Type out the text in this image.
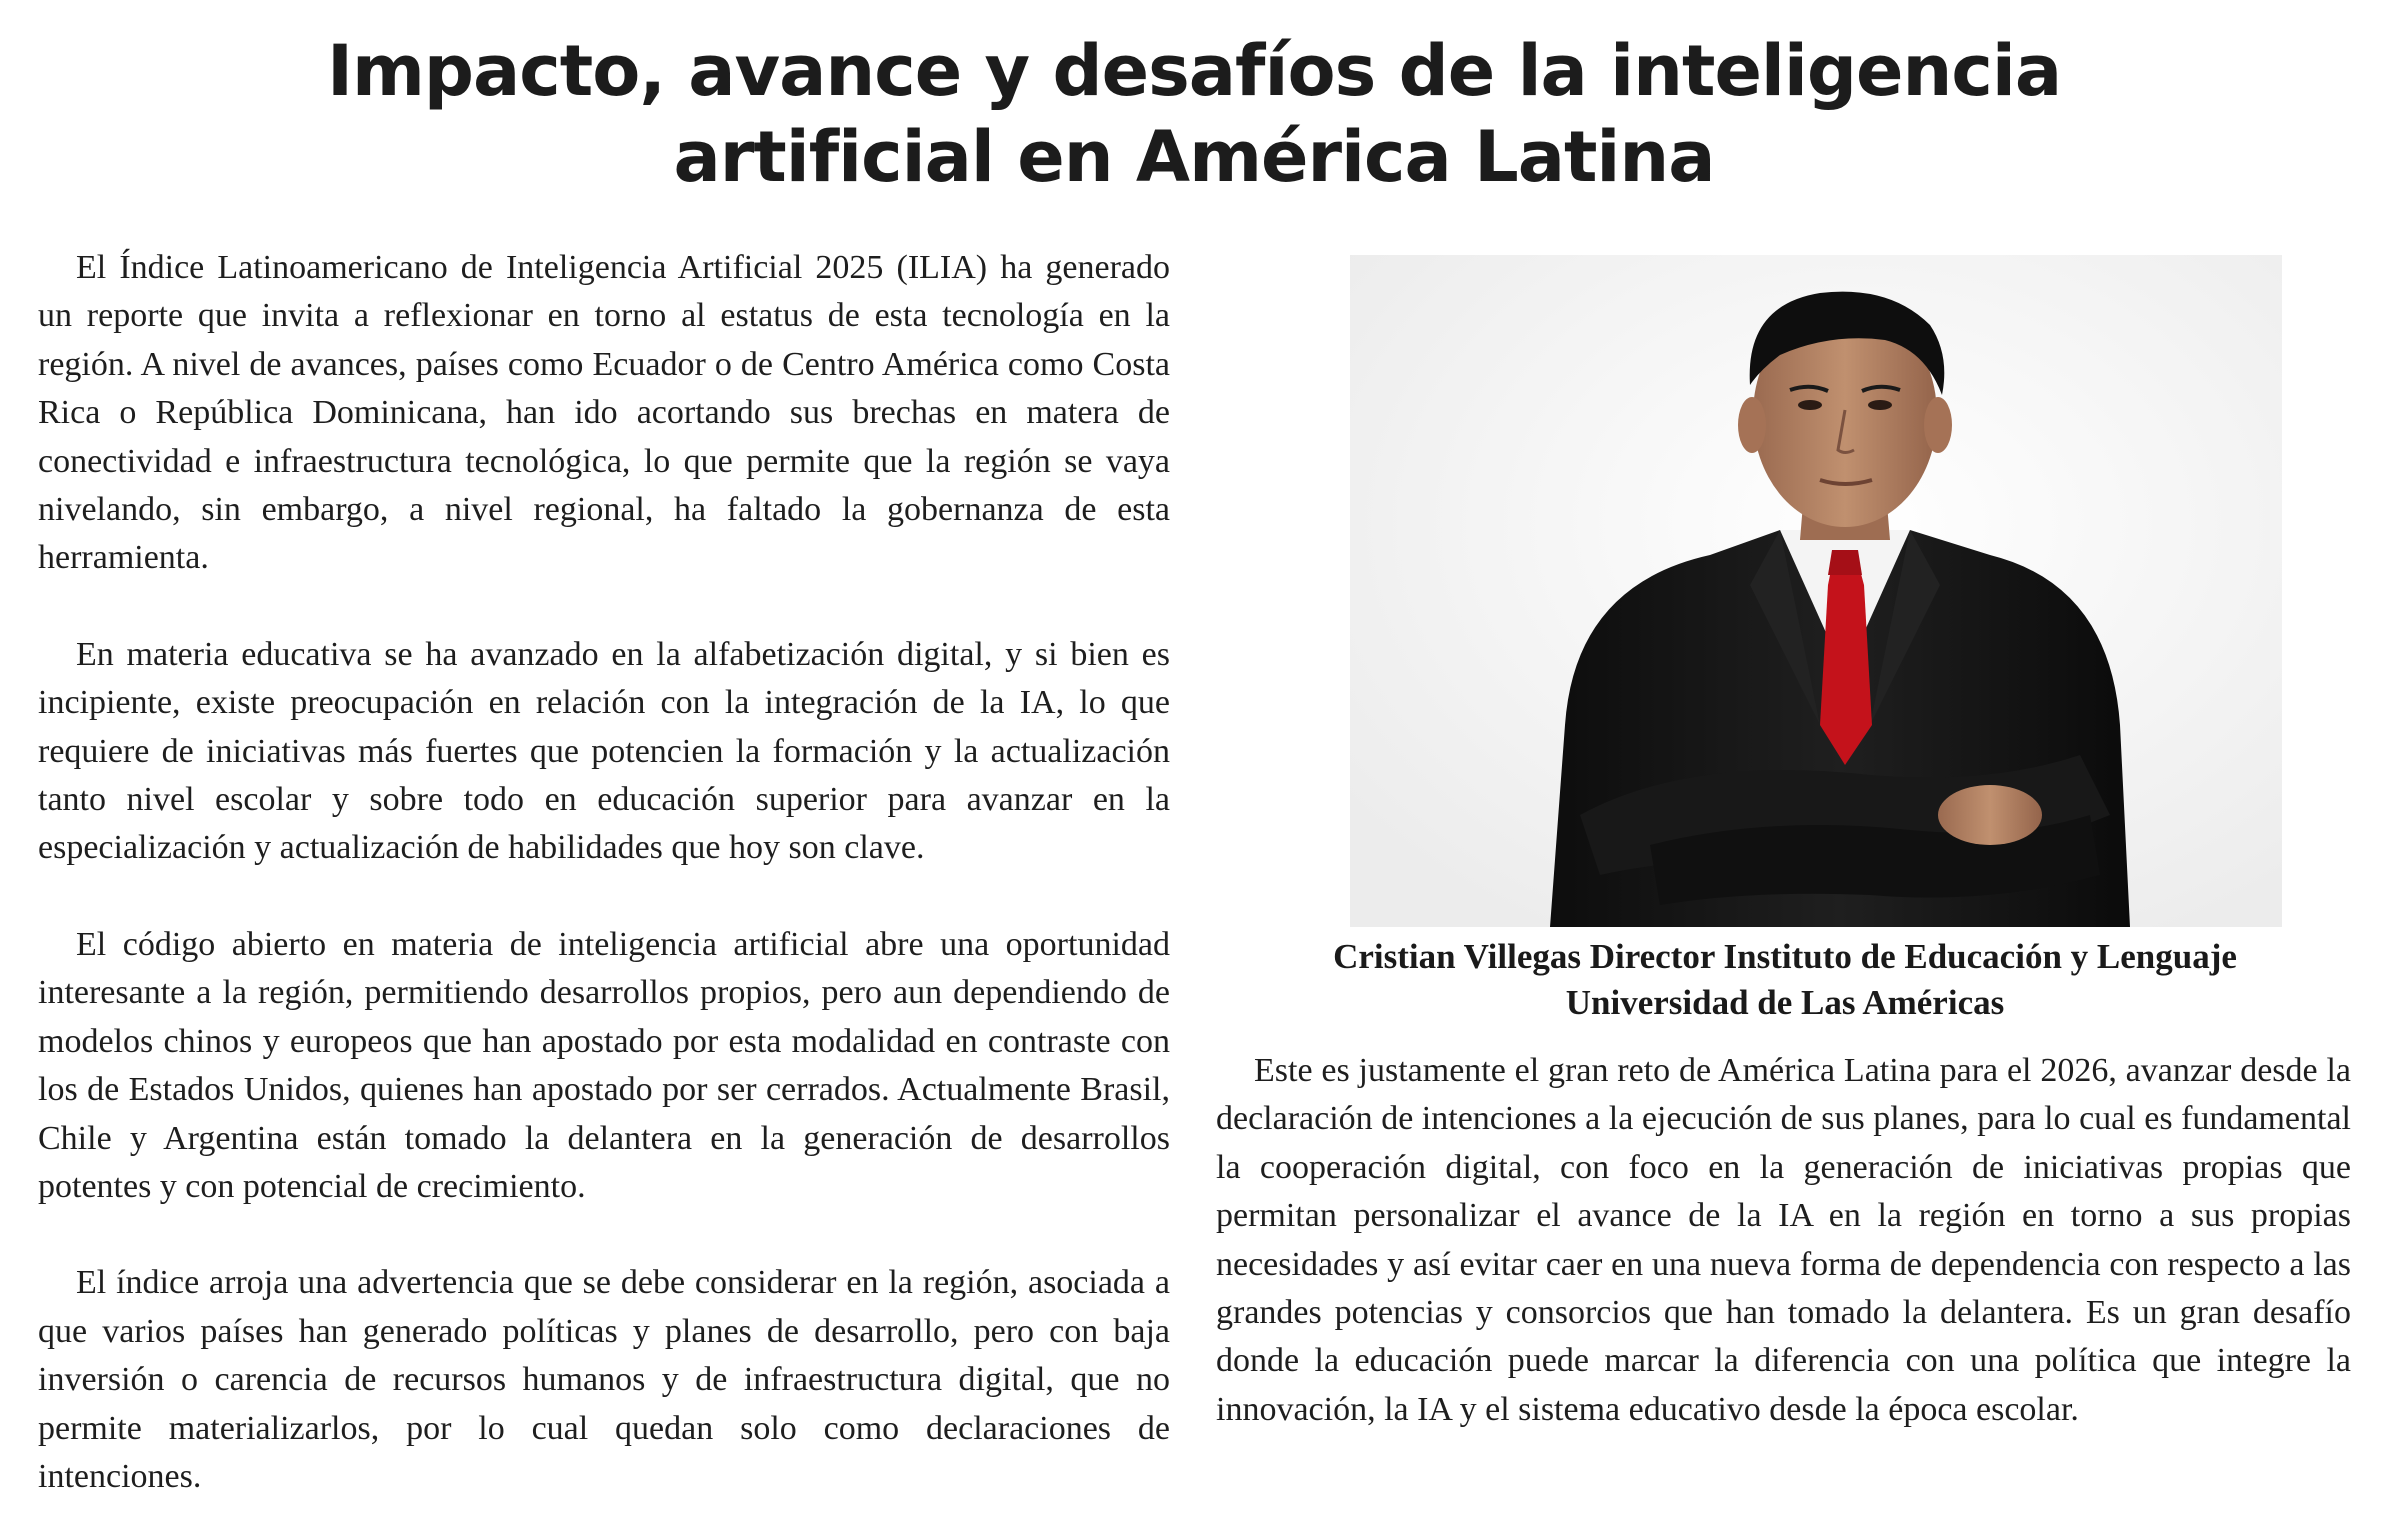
Impacto, avance y desafíos de la inteligencia
artificial en América Latina

El Índice Latinoamericano de Inteligencia Artificial 2025 (ILIA) ha generado un reporte que invita a reflexionar en torno al estatus de esta tecnología en la región. A nivel de avances, países como Ecuador o de Centro América como Costa Rica o República Dominicana, han ido acortando sus brechas en matera de conectividad e infraestructura tecnológica, lo que permite que la región se vaya nivelando, sin embargo, a nivel regional, ha faltado la gobernanza de esta herramienta.

En materia educativa se ha avanzado en la alfabetización digital, y si bien es incipiente, existe preocupación en relación con la integración de la IA, lo que requiere de iniciativas más fuertes que potencien la formación y la actualización tanto nivel escolar y sobre todo en educación superior para avanzar en la especialización y actualización de habilidades que hoy son clave.

El código abierto en materia de inteligencia artificial abre una oportunidad interesante a la región, permitiendo desarrollos propios, pero aun dependiendo de modelos chinos y europeos que han apostado por esta modalidad en contraste con los de Estados Unidos, quienes han apostado por ser cerrados. Actualmente Brasil, Chile y Argentina están tomado la delantera en la generación de desarrollos potentes y con potencial de crecimiento.

El índice arroja una advertencia que se debe considerar en la región, asociada a que varios países han generado políticas y planes de desarrollo, pero con baja inversión o carencia de recursos humanos y de infraestructura digital, que no permite materializarlos, por lo cual quedan solo como declaraciones de intenciones.

Cristian Villegas Director Instituto de Educación y Lenguaje
Universidad de Las Américas

Este es justamente el gran reto de América Latina para el 2026, avanzar desde la declaración de intenciones a la ejecución de sus planes, para lo cual es fundamental la cooperación digital, con foco en la generación de iniciativas propias que permitan personalizar el avance de la IA en la región en torno a sus propias necesidades y así evitar caer en una nueva forma de dependencia con respecto a las grandes potencias y consorcios que han tomado la delantera. Es un gran desafío donde la educación puede marcar la diferencia con una política que integre la innovación, la IA y el sistema educativo desde la época escolar.
